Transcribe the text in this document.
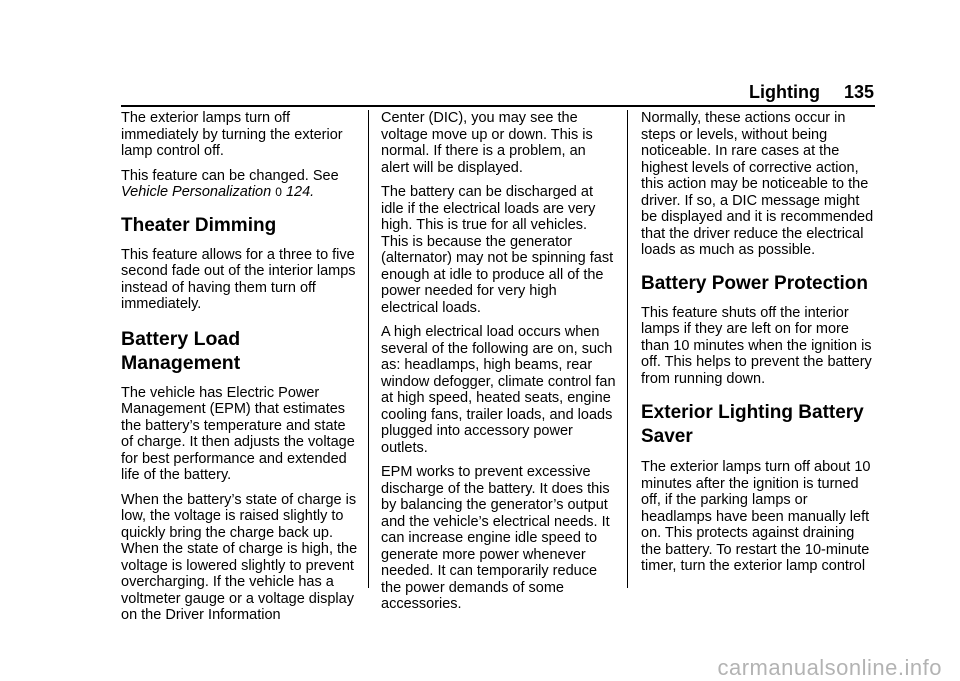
Lighting 135

The exterior lamps turn off immediately by turning the exterior lamp control off.

This feature can be changed. See
Vehicle Personalization 0 124.

Theater Dimming

This feature allows for a three to five second fade out of the interior lamps instead of having them turn off immediately.

Battery Load Management

The vehicle has Electric Power Management (EPM) that estimates the battery’s temperature and state of charge. It then adjusts the voltage for best performance and extended life of the battery.

When the battery’s state of charge is low, the voltage is raised slightly to quickly bring the charge back up. When the state of charge is high, the voltage is lowered slightly to prevent overcharging. If the vehicle has a voltmeter gauge or a voltage display on the Driver Information

Center (DIC), you may see the voltage move up or down. This is normal. If there is a problem, an alert will be displayed.

The battery can be discharged at idle if the electrical loads are very high. This is true for all vehicles. This is because the generator (alternator) may not be spinning fast enough at idle to produce all of the power needed for very high electrical loads.

A high electrical load occurs when several of the following are on, such as: headlamps, high beams, rear window defogger, climate control fan at high speed, heated seats, engine cooling fans, trailer loads, and loads plugged into accessory power outlets.

EPM works to prevent excessive discharge of the battery. It does this by balancing the generator’s output and the vehicle’s electrical needs. It can increase engine idle speed to generate more power whenever needed. It can temporarily reduce the power demands of some accessories.

Normally, these actions occur in steps or levels, without being noticeable. In rare cases at the highest levels of corrective action, this action may be noticeable to the driver. If so, a DIC message might be displayed and it is recommended that the driver reduce the electrical loads as much as possible.

Battery Power Protection

This feature shuts off the interior lamps if they are left on for more than 10 minutes when the ignition is off. This helps to prevent the battery from running down.

Exterior Lighting Battery Saver

The exterior lamps turn off about 10 minutes after the ignition is turned off, if the parking lamps or headlamps have been manually left on. This protects against draining the battery. To restart the 10-minute timer, turn the exterior lamp control

carmanualsonline.info
